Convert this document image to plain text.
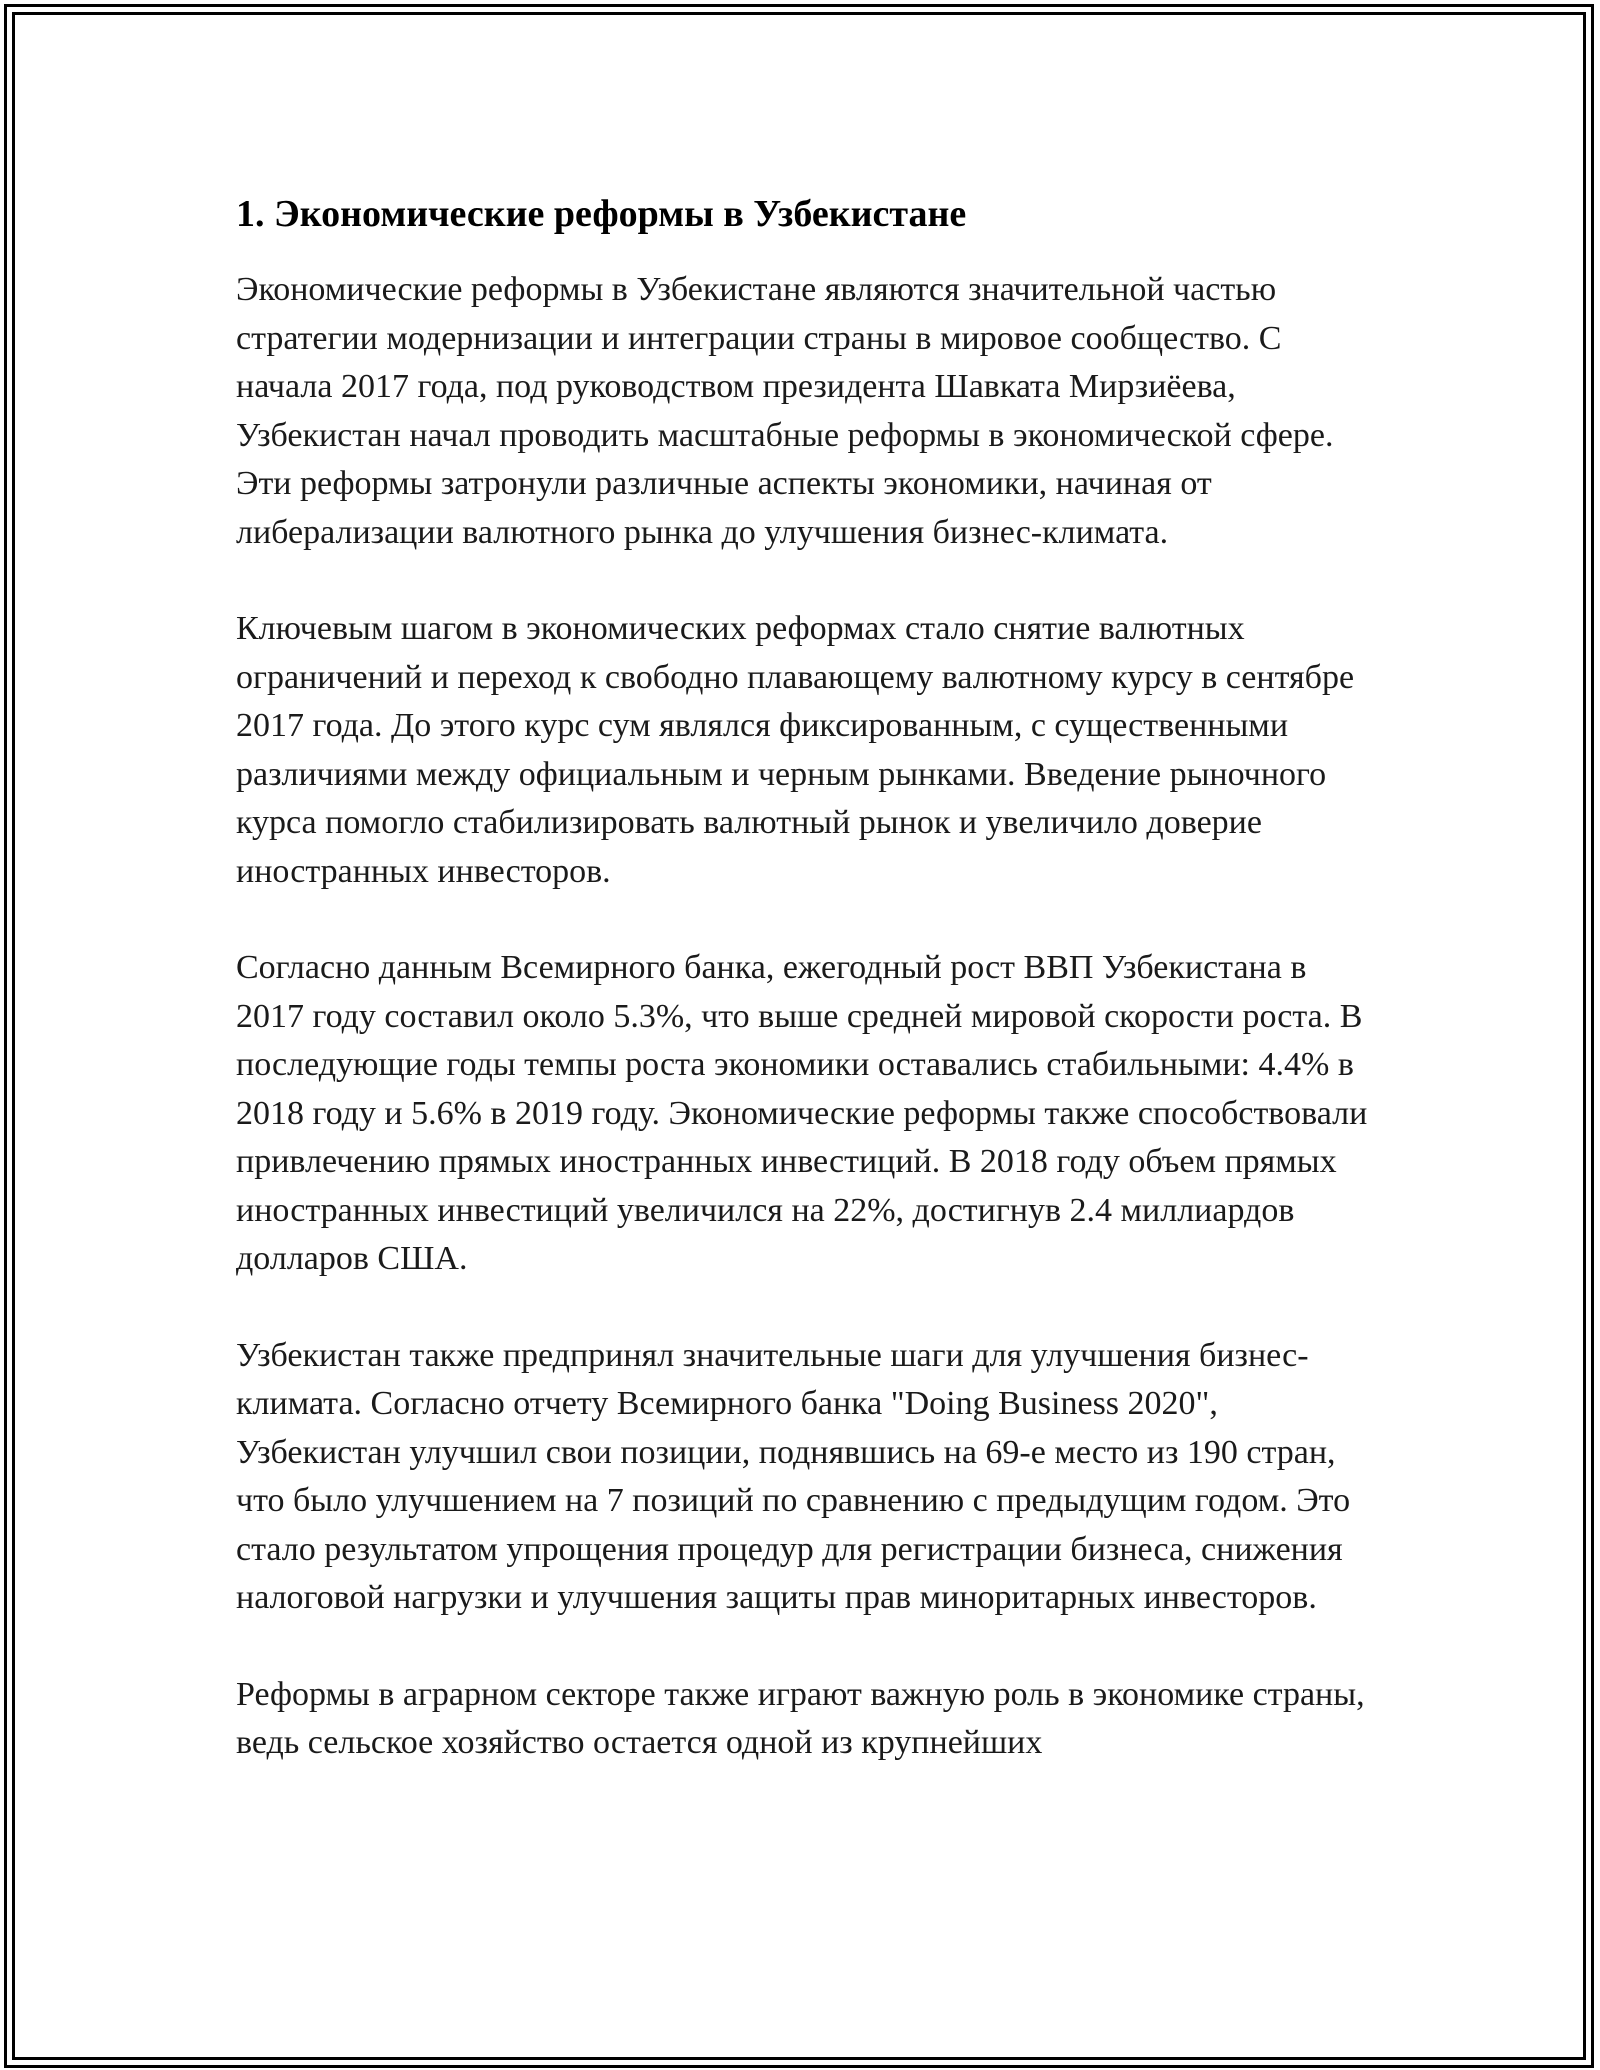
1. Экономические реформы в Узбекистане

Экономические реформы в Узбекистане являются значительной частью стратегии модернизации и интеграции страны в мировое сообщество. С начала 2017 года, под руководством президента Шавката Мирзиёева, Узбекистан начал проводить масштабные реформы в экономической сфере. Эти реформы затронули различные аспекты экономики, начиная от либерализации валютного рынка до улучшения бизнес-климата.

Ключевым шагом в экономических реформах стало снятие валютных ограничений и переход к свободно плавающему валютному курсу в сентябре 2017 года. До этого курс сум являлся фиксированным, с существенными различиями между официальным и черным рынками. Введение рыночного курса помогло стабилизировать валютный рынок и увеличило доверие иностранных инвесторов.

Согласно данным Всемирного банка, ежегодный рост ВВП Узбекистана в 2017 году составил около 5.3%, что выше средней мировой скорости роста. В последующие годы темпы роста экономики оставались стабильными: 4.4% в 2018 году и 5.6% в 2019 году. Экономические реформы также способствовали привлечению прямых иностранных инвестиций. В 2018 году объем прямых иностранных инвестиций увеличился на 22%, достигнув 2.4 миллиардов долларов США.

Узбекистан также предпринял значительные шаги для улучшения бизнес-климата. Согласно отчету Всемирного банка "Doing Business 2020", Узбекистан улучшил свои позиции, поднявшись на 69-е место из 190 стран, что было улучшением на 7 позиций по сравнению с предыдущим годом. Это стало результатом упрощения процедур для регистрации бизнеса, снижения налоговой нагрузки и улучшения защиты прав миноритарных инвесторов.

Реформы в аграрном секторе также играют важную роль в экономике страны, ведь сельское хозяйство остается одной из крупнейших
